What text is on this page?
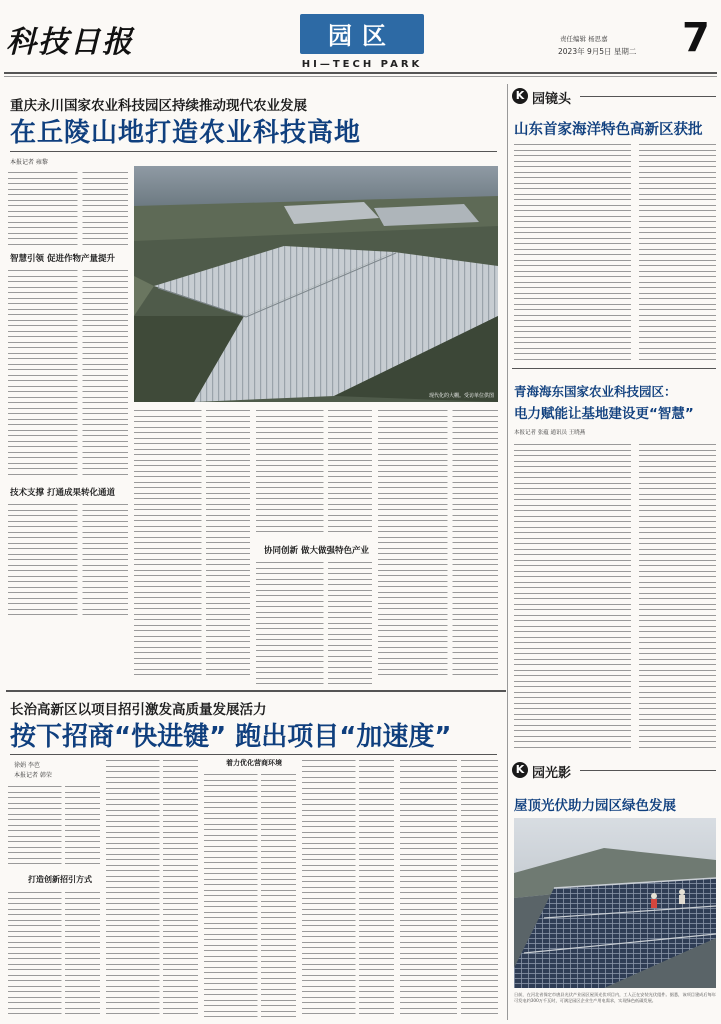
科技日报	园区
HI—TECH PARK
责任编辑 杨思嘉
2023年 9月5日 星期二 7
重庆永川国家农业科技园区持续推动现代农业发展
在丘陵山地打造农业科技高地
本报记者 雍黎

智慧引领 促进作物产量提升

技术支撑 打通成果转化通道

现代化的大棚。受访单位供图

协同创新 做大做强特色产业

长治高新区以项目招引激发高质量发展活力
按下招商“快进键” 跑出项目“加速度”
徐娟 李芭
本报记者 韩荣

打造创新招引方式

着力优化营商环境

K 园镜头
山东首家海洋特色高新区获批

青海海东国家农业科技园区：
电力赋能让基地建设更“智慧”
本报记者 张蕴 通讯员 王晓燕

K 园光影
屋顶光伏助力园区绿色发展
日前，在河北省保定市唐县光伏产业园区屋顶光伏项目内，工人正在安装光伏组件。据悉，该项目建成后每年可发电约300万千瓦时，可满足园区企业生产用电需求，实现绿色低碳发展。
